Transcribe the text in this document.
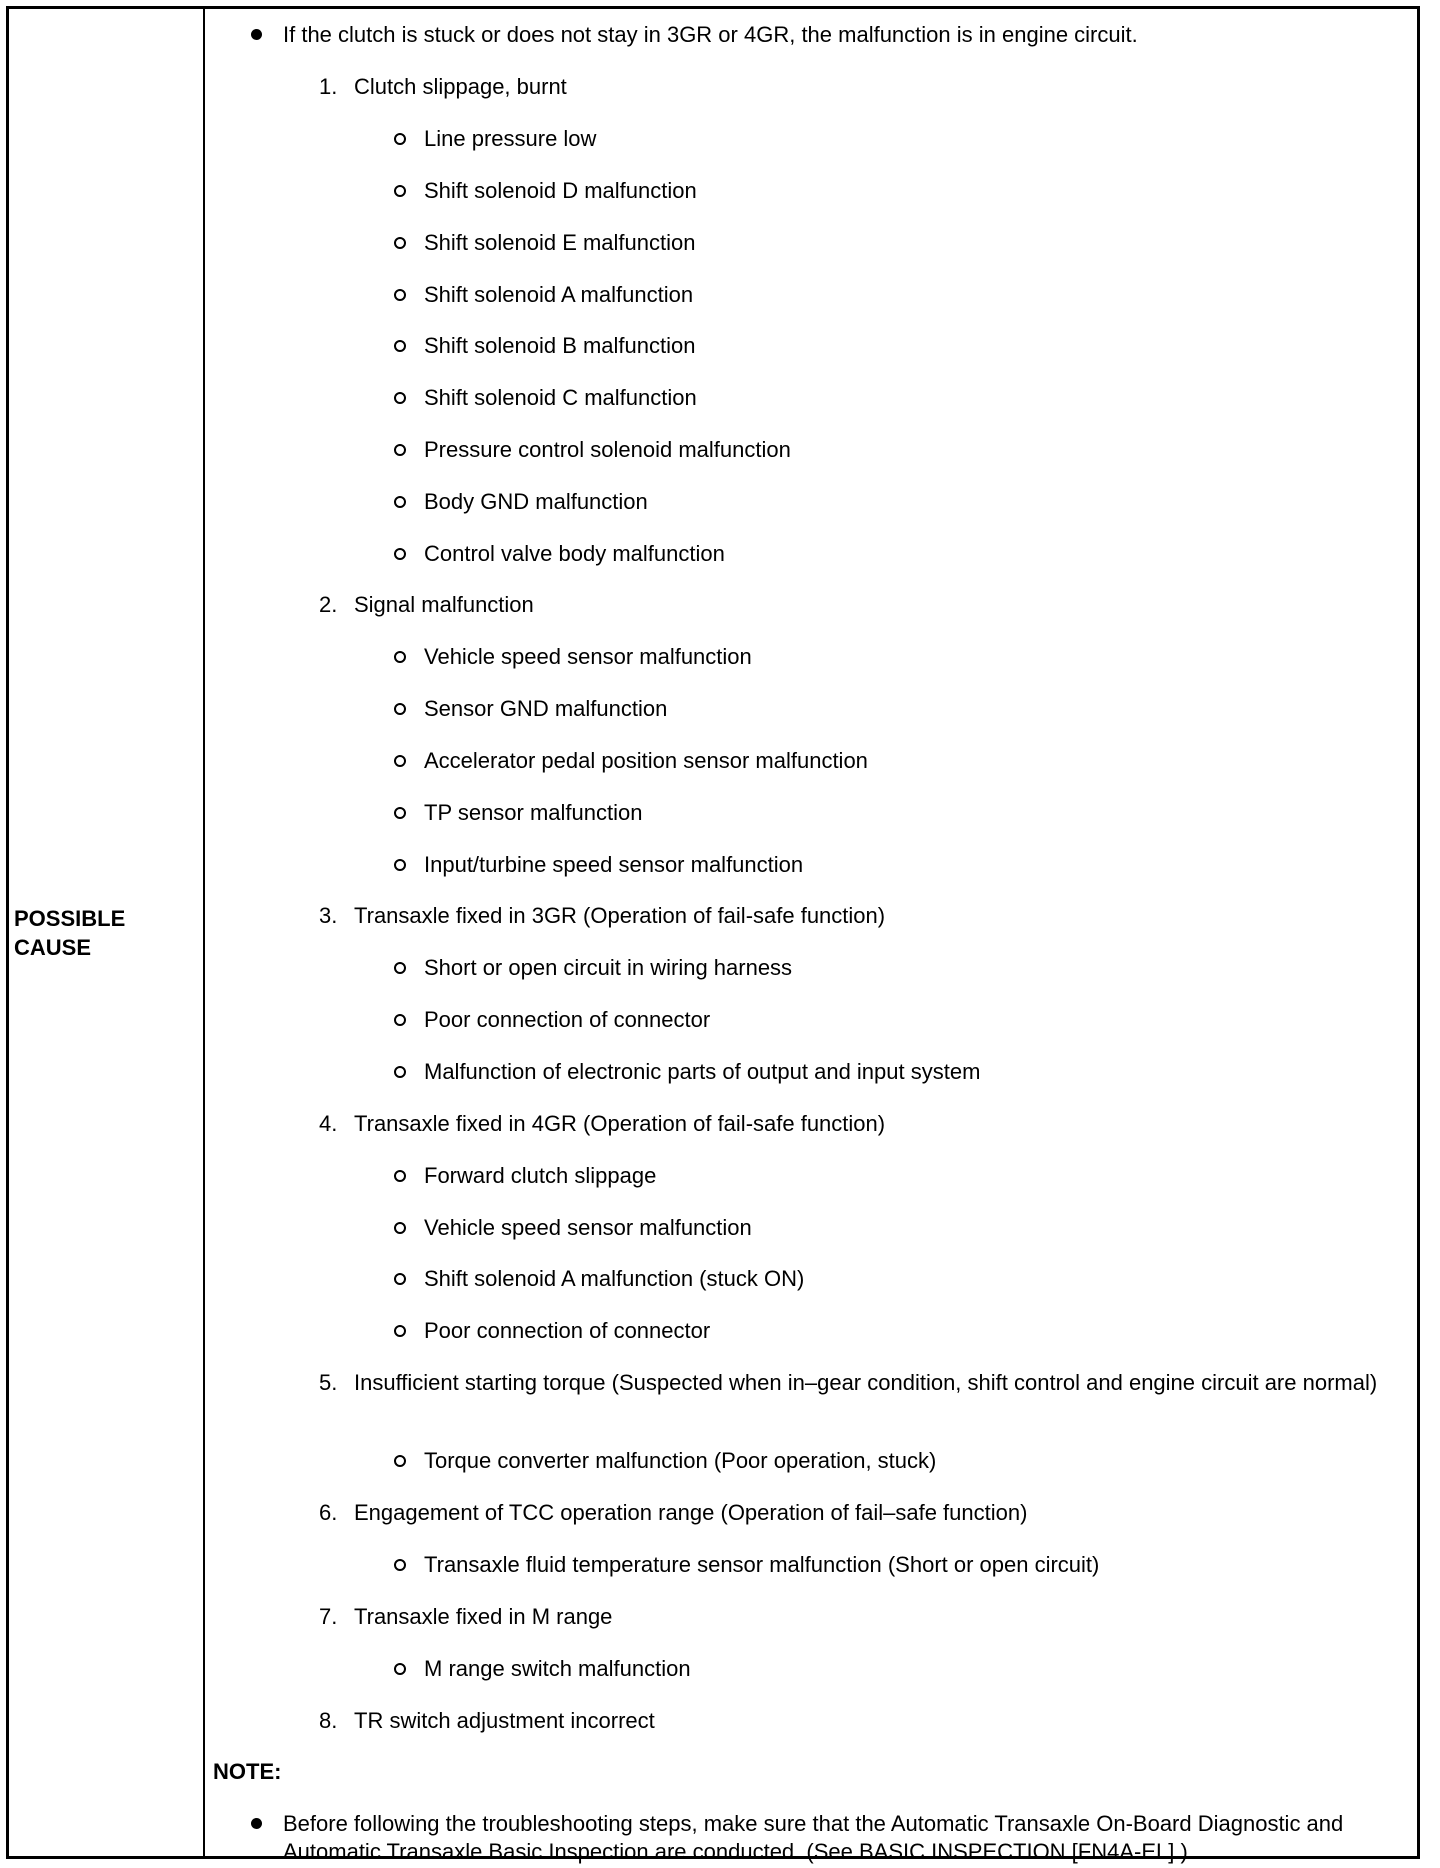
POSSIBLE
CAUSE
If the clutch is stuck or does not stay in 3GR or 4GR, the malfunction is in engine circuit.
1. Clutch slippage, burnt
Line pressure low
Shift solenoid D malfunction
Shift solenoid E malfunction
Shift solenoid A malfunction
Shift solenoid B malfunction
Shift solenoid C malfunction
Pressure control solenoid malfunction
Body GND malfunction
Control valve body malfunction
2. Signal malfunction
Vehicle speed sensor malfunction
Sensor GND malfunction
Accelerator pedal position sensor malfunction
TP sensor malfunction
Input/turbine speed sensor malfunction
3. Transaxle fixed in 3GR (Operation of fail-safe function)
Short or open circuit in wiring harness
Poor connection of connector
Malfunction of electronic parts of output and input system
4. Transaxle fixed in 4GR (Operation of fail-safe function)
Forward clutch slippage
Vehicle speed sensor malfunction
Shift solenoid A malfunction (stuck ON)
Poor connection of connector
5. Insufficient starting torque (Suspected when in–gear condition, shift control and engine circuit are normal)
Torque converter malfunction (Poor operation, stuck)
6. Engagement of TCC operation range (Operation of fail–safe function)
Transaxle fluid temperature sensor malfunction (Short or open circuit)
7. Transaxle fixed in M range
M range switch malfunction
8. TR switch adjustment incorrect
NOTE:
Before following the troubleshooting steps, make sure that the Automatic Transaxle On-Board Diagnostic and Automatic Transaxle Basic Inspection are conducted. (See BASIC INSPECTION [FN4A-EL].)
